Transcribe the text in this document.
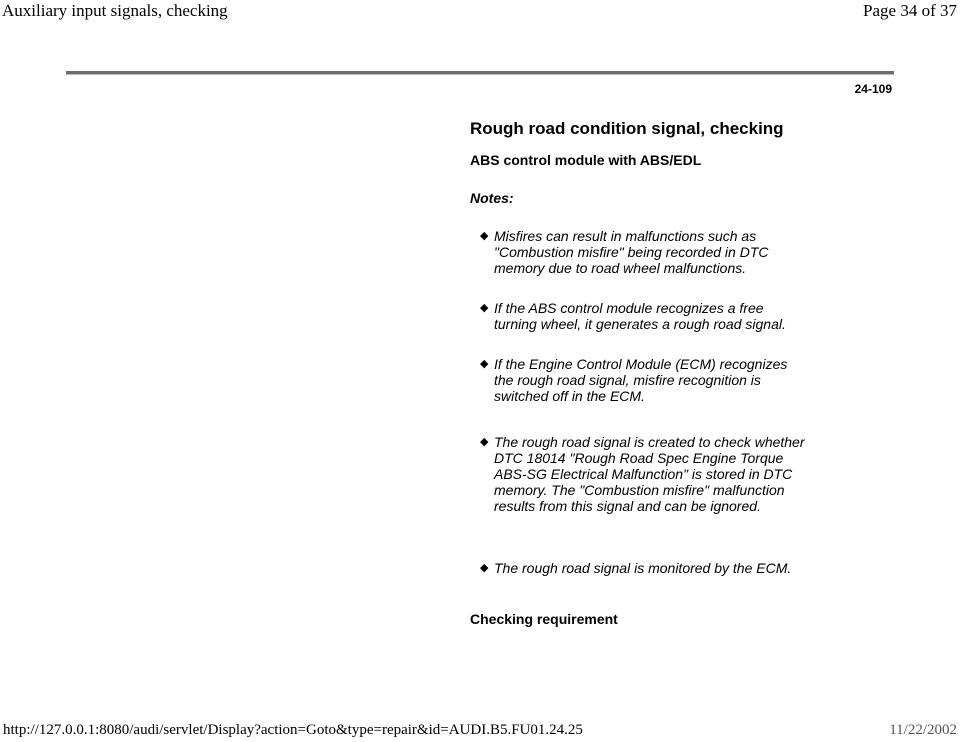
Auxiliary input signals, checking	Page 34 of 37
24-109
Rough road condition signal, checking
ABS control module with ABS/EDL
Notes:
◆ Misfires can result in malfunctions such as "Combustion misfire" being recorded in DTC memory due to road wheel malfunctions.
◆ If the ABS control module recognizes a free turning wheel, it generates a rough road signal.
◆ If the Engine Control Module (ECM) recognizes the rough road signal, misfire recognition is switched off in the ECM.
◆ The rough road signal is created to check whether DTC 18014 "Rough Road Spec Engine Torque ABS-SG Electrical Malfunction" is stored in DTC memory. The "Combustion misfire" malfunction results from this signal and can be ignored.
◆ The rough road signal is monitored by the ECM.
Checking requirement
http://127.0.0.1:8080/audi/servlet/Display?action=Goto&type=repair&id=AUDI.B5.FU01.24.25	11/22/2002
